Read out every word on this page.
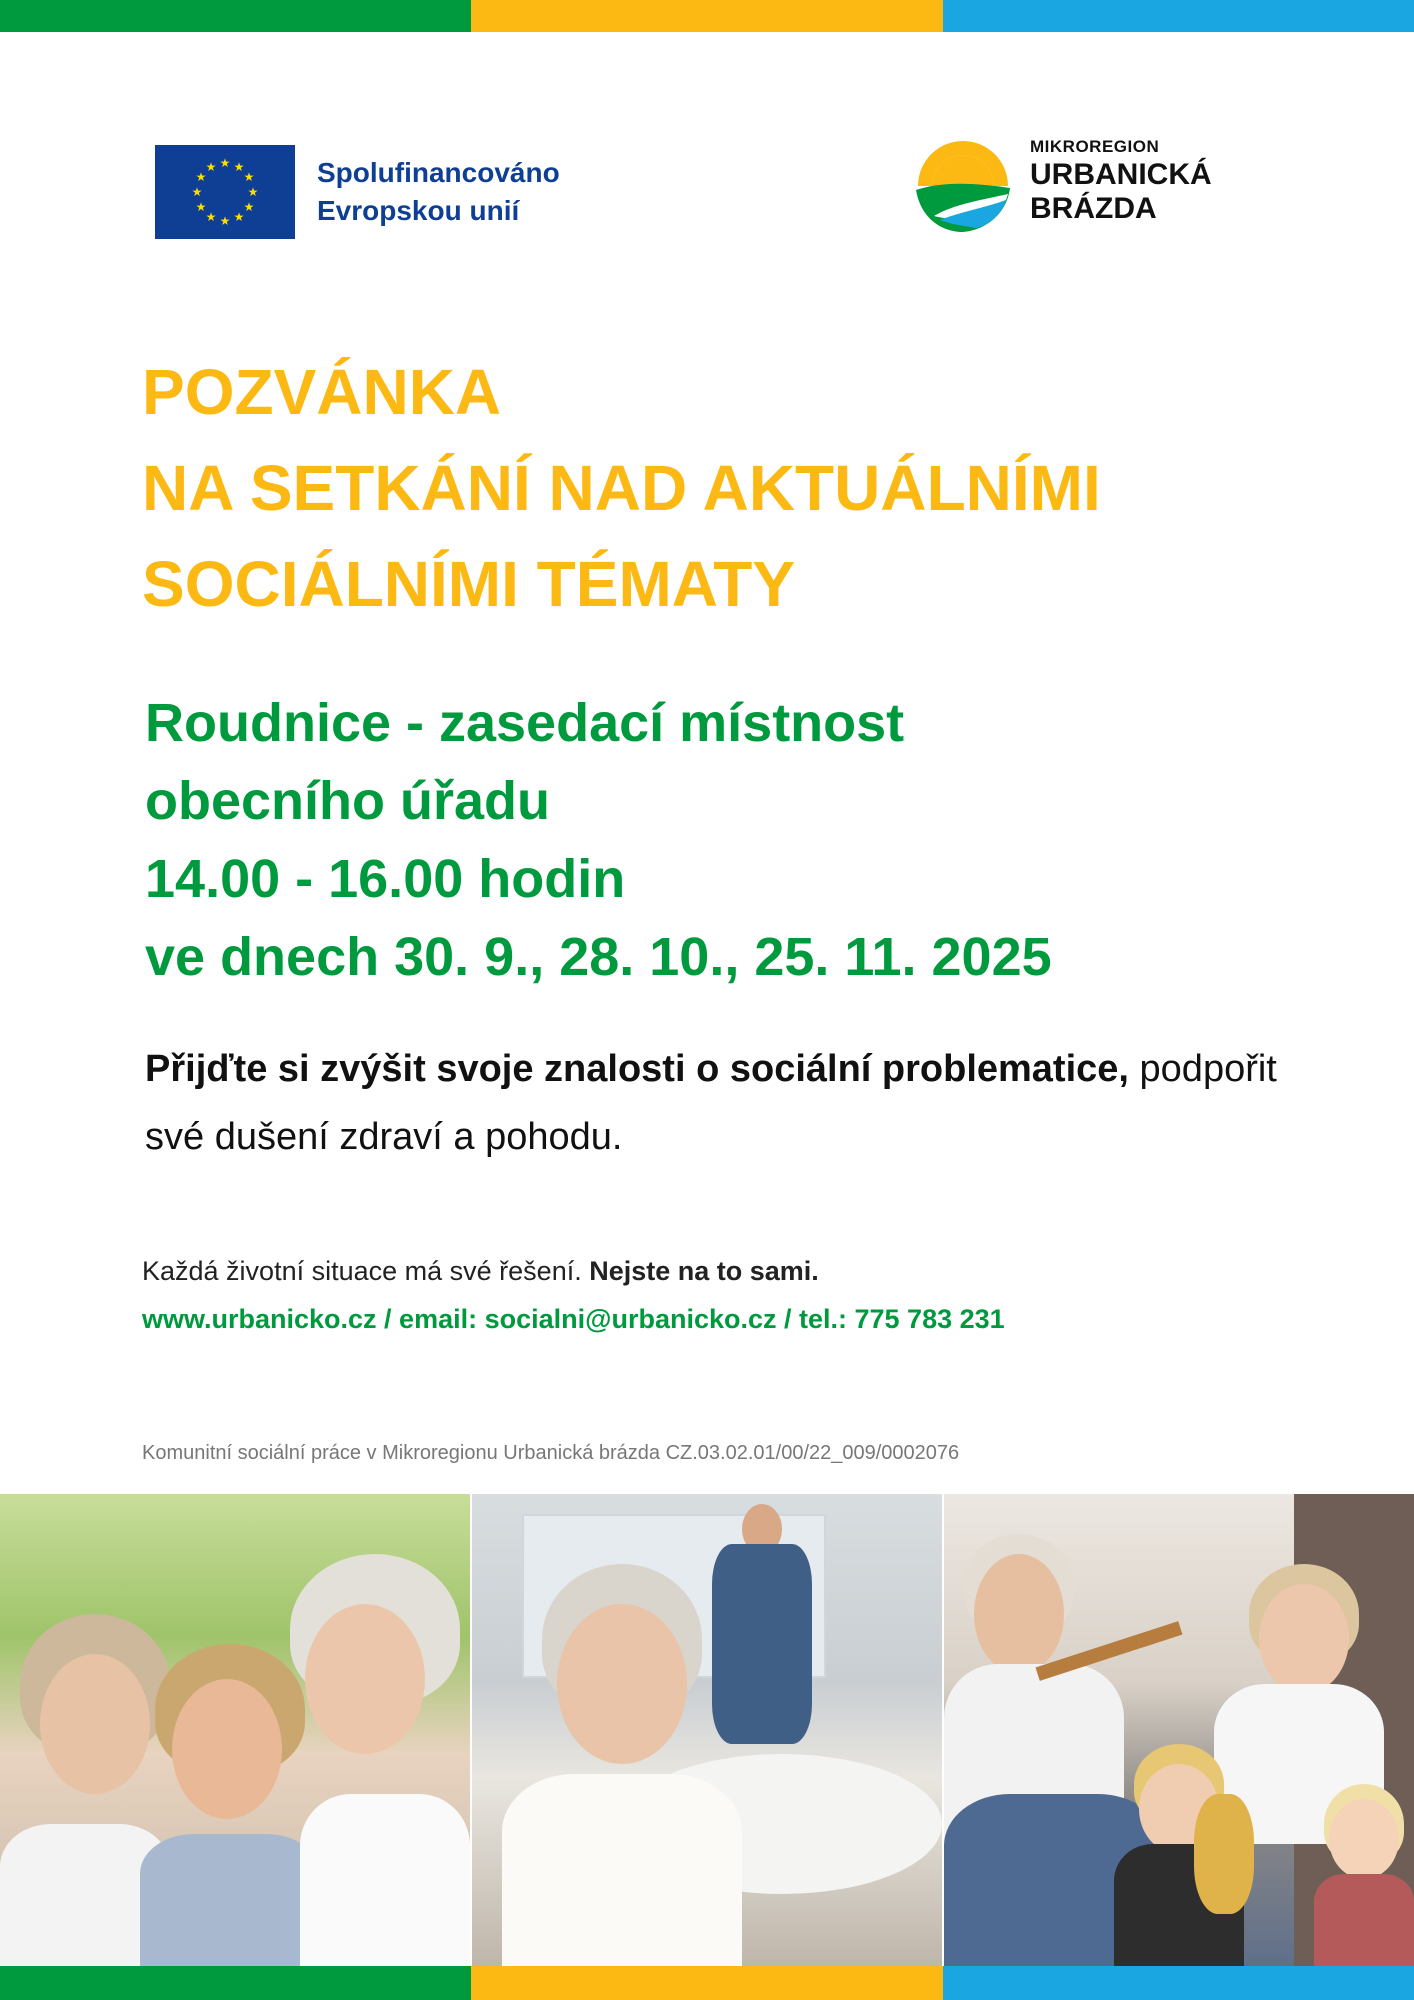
★ ★
★
★
★
★
★
★
★
★
★
★	Spolufinancováno
Evropskou unií
MIKROREGION
URBANICKÁ
BRÁZDA
POZVÁNKA
NA SETKÁNÍ NAD AKTUÁLNÍMI
SOCIÁLNÍMI TÉMATY
Roudnice - zasedací místnost
obecního úřadu
14.00 - 16.00 hodin
ve dnech 30. 9., 28. 10., 25. 11. 2025
Přijďte si zvýšit svoje znalosti o sociální problematice, podpořit své dušení zdraví a pohodu.
Každá životní situace má své řešení. Nejste na to sami.
www.urbanicko.cz / email: socialni@urbanicko.cz / tel.: 775 783 231
Komunitní sociální práce v Mikroregionu Urbanická brázda CZ.03.02.01/00/22_009/0002076
